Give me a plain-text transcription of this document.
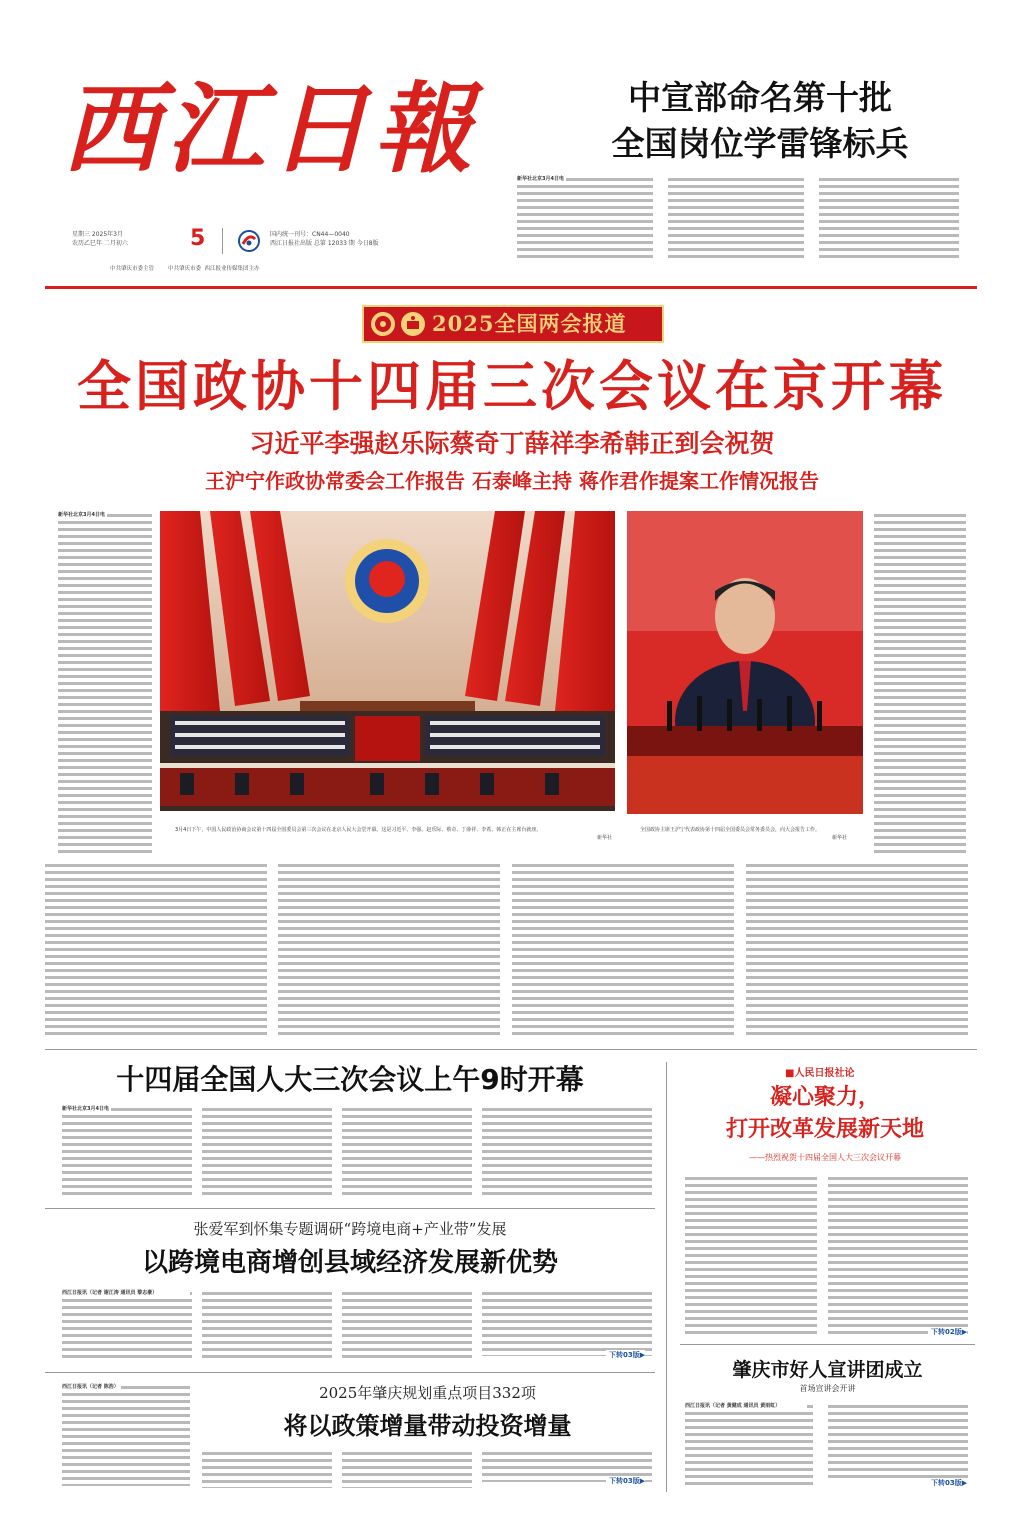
西江日報
星期三 2025年3月
农历乙巳年 二月初六	5	国内统一刊号：CN44—0040
西江日报社出版 总第 12033 期 今日8版
中共肇庆市委主管        中共肇庆市委  西江报业传媒集团主办
中宣部命名第十批
全国岗位学雷锋标兵
新华社北京3月4日电
2025全国两会报道
全国政协十四届三次会议在京开幕
习近平李强赵乐际蔡奇丁薛祥李希韩正到会祝贺
王沪宁作政协常委会工作报告 石泰峰主持 蒋作君作提案工作情况报告
新华社北京3月4日电
3月4日下午，中国人民政治协商会议第十四届全国委员会第三次会议在北京人民大会堂开幕。这是习近平、李强、赵乐际、蔡奇、丁薛祥、李希、韩正在主席台就座。
新华社
全国政协主席王沪宁代表政协第十四届全国委员会常务委员会，向大会报告工作。
新华社
十四届全国人大三次会议上午9时开幕
新华社北京3月4日电
■人民日报社论
凝心聚力，
打开改革发展新天地
——热烈祝贺十四届全国人大三次会议开幕
下转02版▶
肇庆市好人宣讲团成立
首场宣讲会开讲
西江日报讯（记者 黄健成 通讯员 黄雨虹）
下转03版▶
张爱军到怀集专题调研“跨境电商+产业带”发展
以跨境电商增创县域经济发展新优势
西江日报讯（记者 谢江涛 通讯员 黎志豪）
下转03版▶
西江日报讯（记者 陈浩）	2025年肇庆规划重点项目332项
将以政策增量带动投资增量
下转03版▶
